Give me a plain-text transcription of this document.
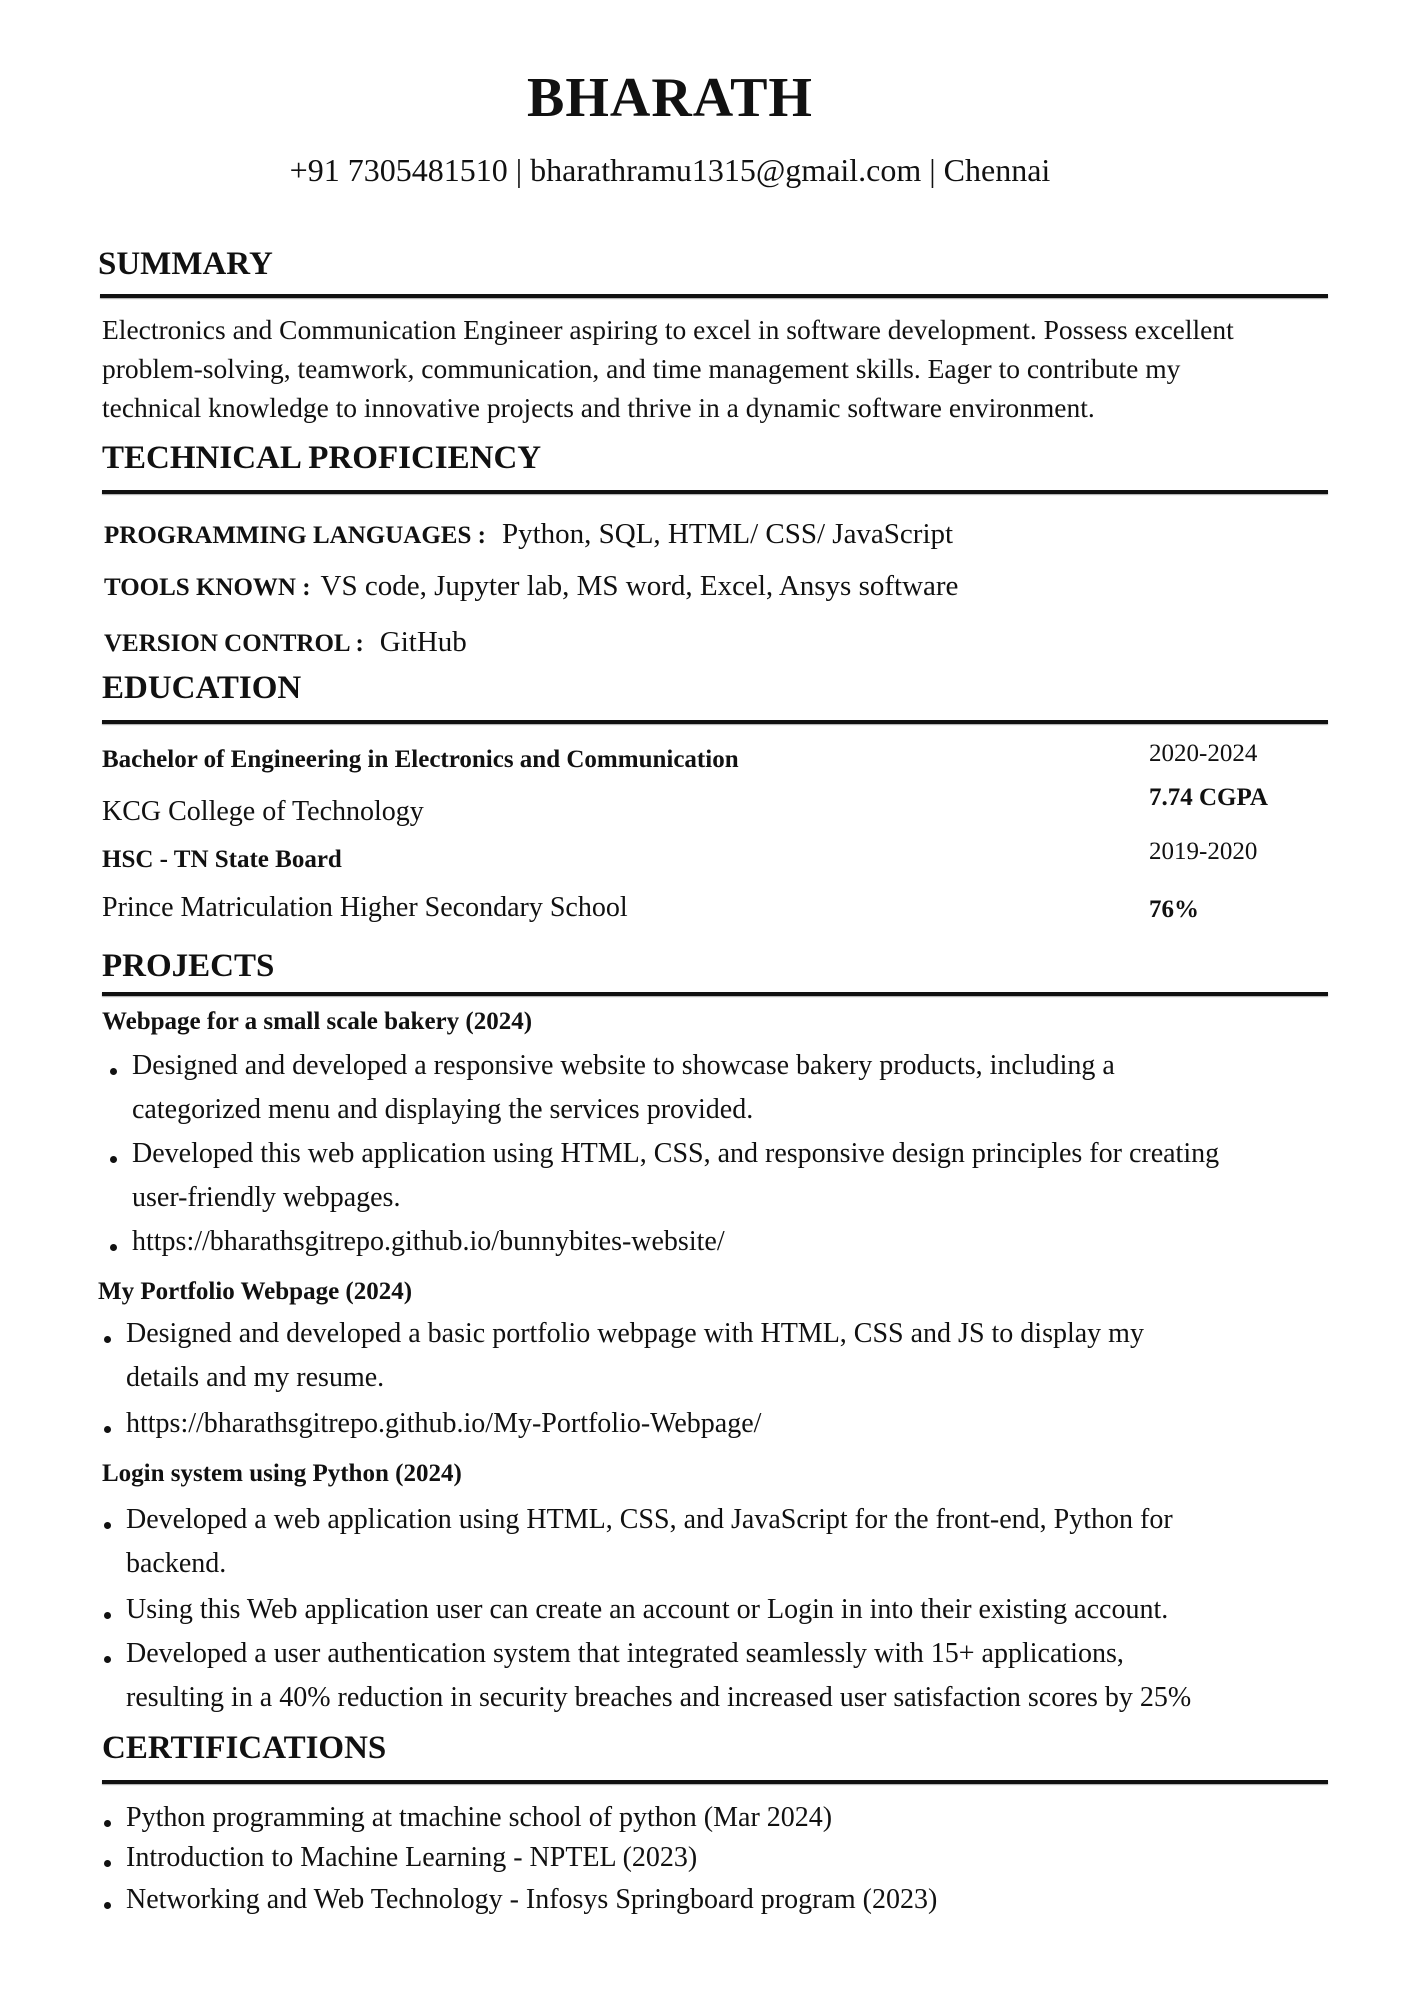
BHARATH
+91 7305481510 | bharathramu1315@gmail.com | Chennai
SUMMARY
Electronics and Communication Engineer aspiring to excel in software development. Possess excellent
problem-solving, teamwork, communication, and time management skills. Eager to contribute my
technical knowledge to innovative projects and thrive in a dynamic software environment.
TECHNICAL PROFICIENCY
PROGRAMMING LANGUAGES : Python, SQL, HTML/ CSS/ JavaScript
TOOLS KNOWN : VS code, Jupyter lab, MS word, Excel, Ansys software
VERSION CONTROL : GitHub
EDUCATION
Bachelor of Engineering in Electronics and Communication	2020-2024
KCG College of Technology	7.74 CGPA
HSC - TN State Board	2019-2020
Prince Matriculation Higher Secondary School	76%
PROJECTS
Webpage for a small scale bakery (2024)
Designed and developed a responsive website to showcase bakery products, including a
categorized menu and displaying the services provided.
Developed this web application using HTML, CSS, and responsive design principles for creating
user-friendly webpages.
https://bharathsgitrepo.github.io/bunnybites-website/
My Portfolio Webpage (2024)
Designed and developed a basic portfolio webpage with HTML, CSS and JS to display my
details and my resume.
https://bharathsgitrepo.github.io/My-Portfolio-Webpage/
Login system using Python (2024)
Developed a web application using HTML, CSS, and JavaScript for the front-end, Python for
backend.
Using this Web application user can create an account or Login in into their existing account.
Developed a user authentication system that integrated seamlessly with 15+ applications,
resulting in a 40% reduction in security breaches and increased user satisfaction scores by 25%
CERTIFICATIONS
Python programming at tmachine school of python (Mar 2024)
Introduction to Machine Learning - NPTEL (2023)
Networking and Web Technology - Infosys Springboard program (2023)
